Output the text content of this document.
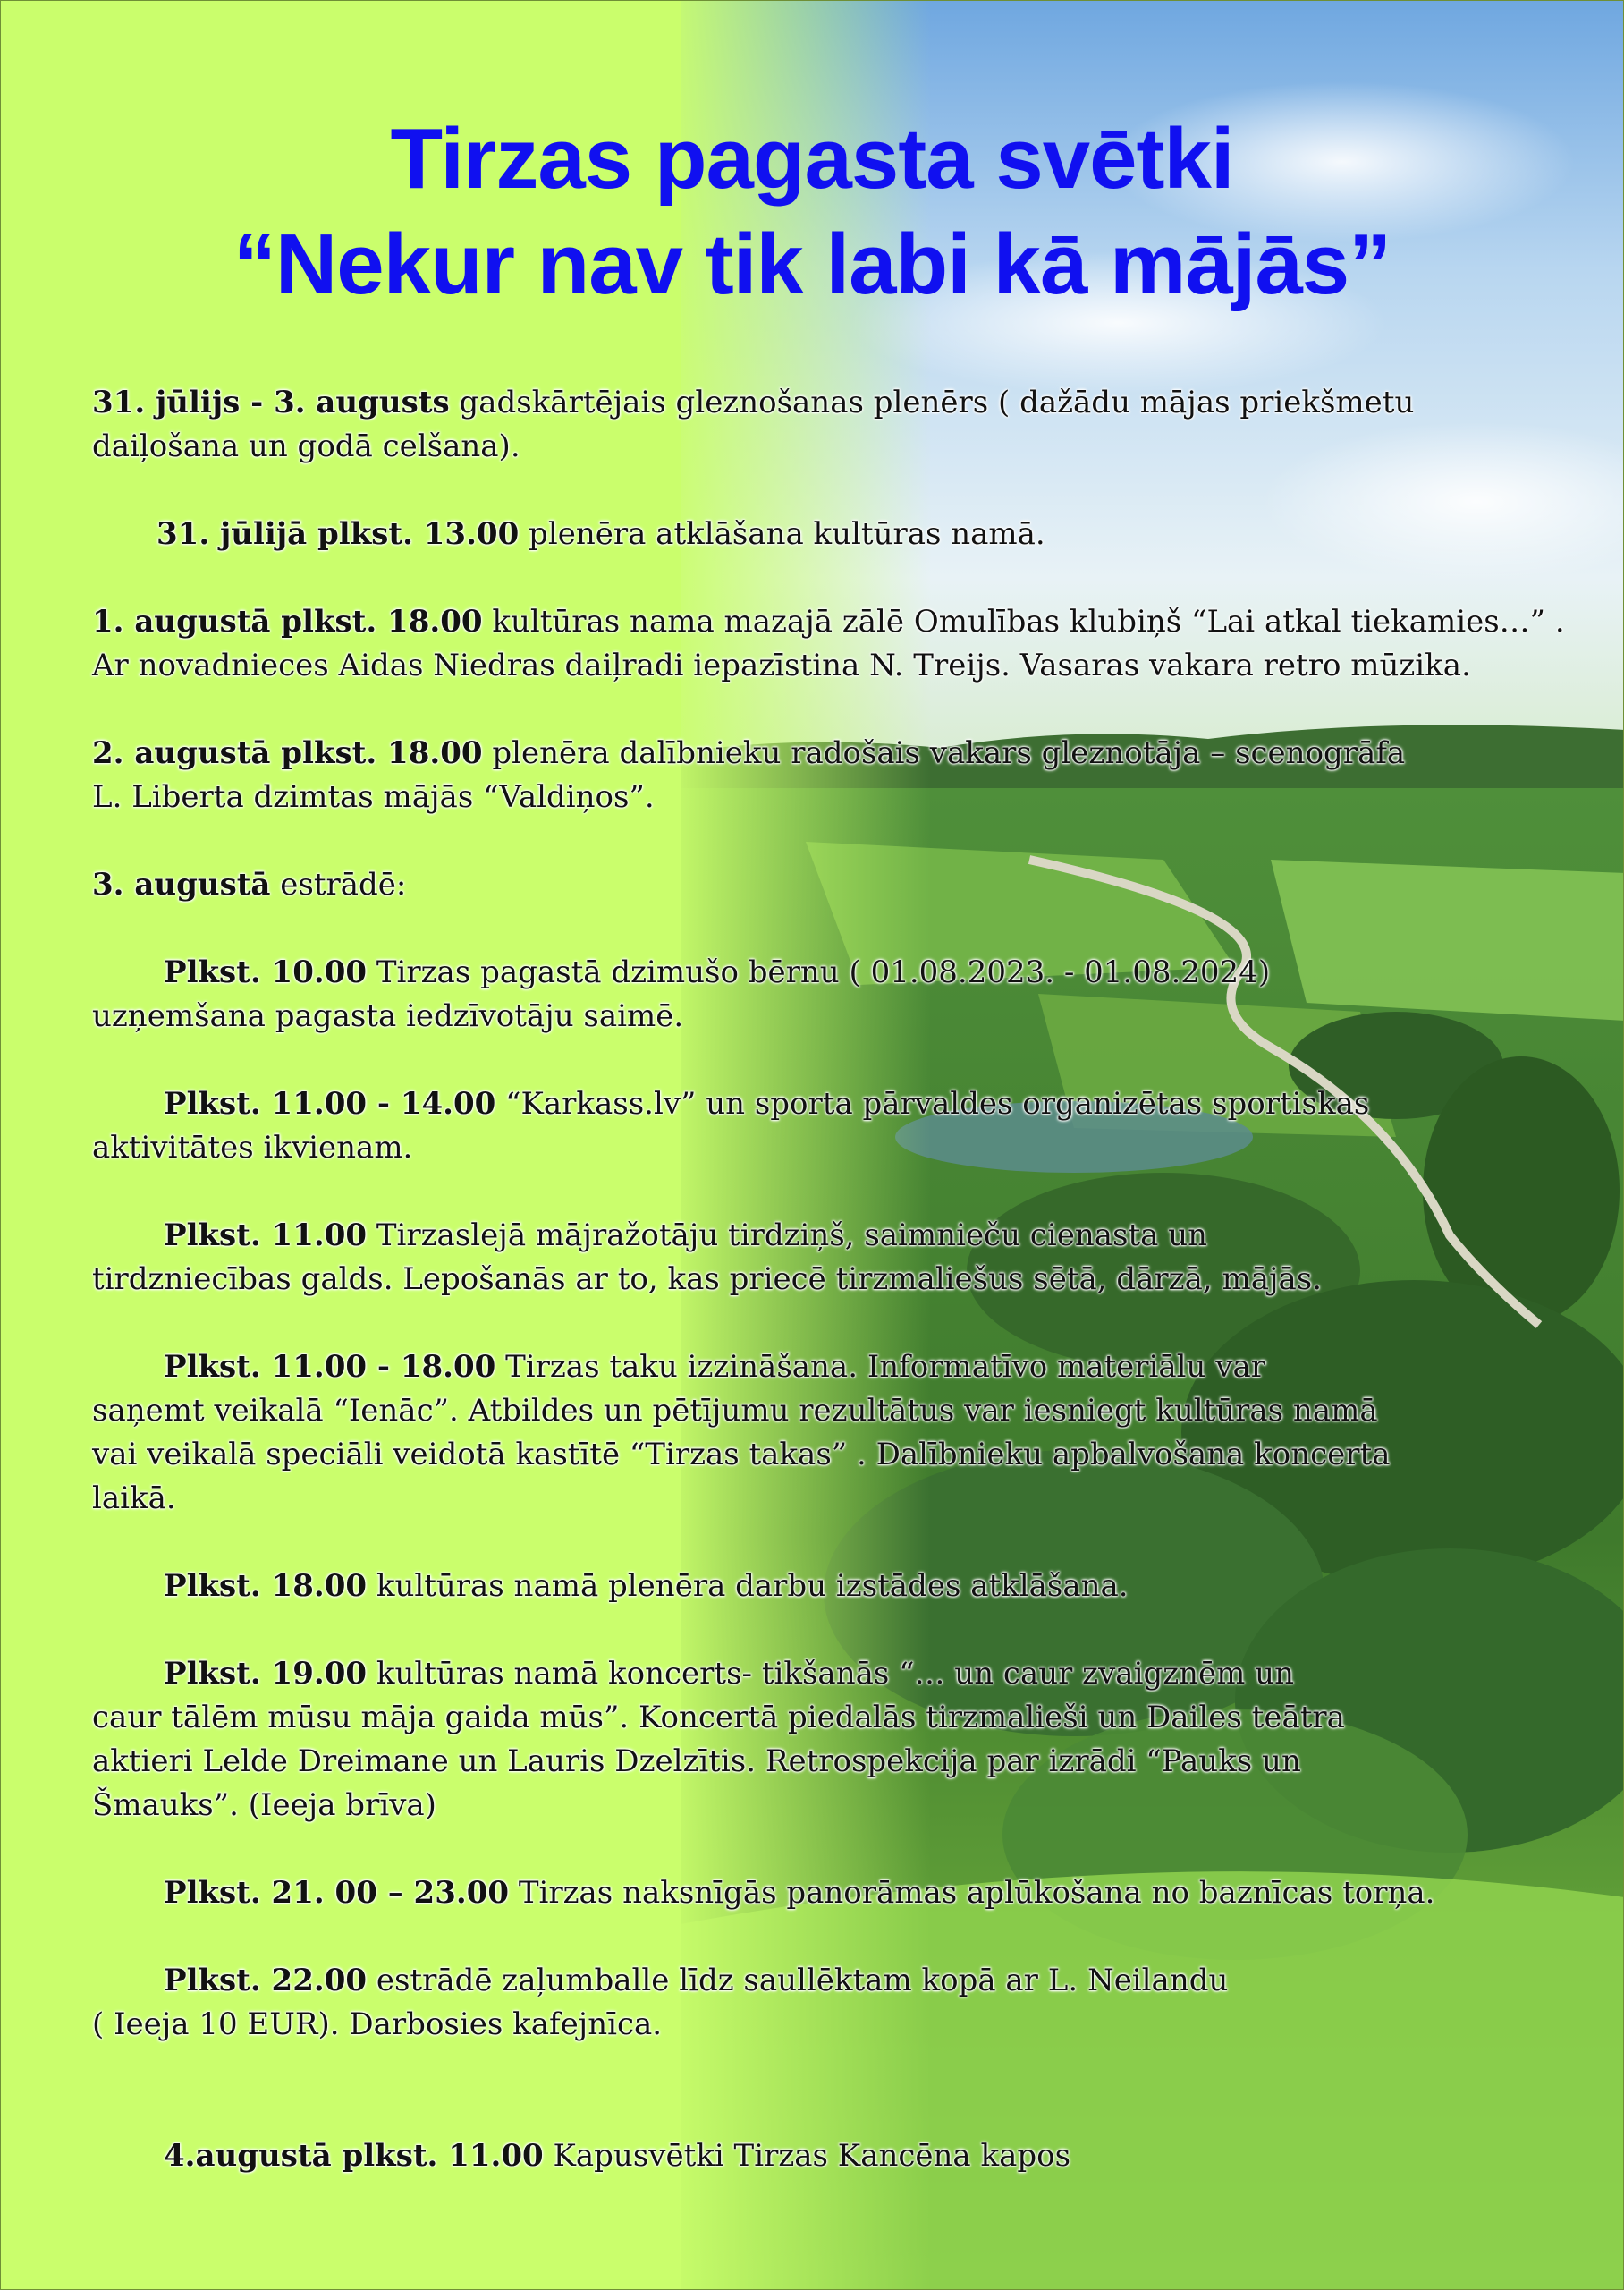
Tirzas pagasta svētki
“Nekur nav tik labi kā mājās”

31. jūlijs - 3. augusts gadskārtējais gleznošanas plenērs ( dažādu mājas priekšmetu
daiļošana un godā celšana).

31. jūlijā plkst. 13.00 plenēra atklāšana kultūras namā.

1. augustā plkst. 18.00 kultūras nama mazajā zālē Omulības klubiņš “Lai atkal tiekamies…” .
Ar novadnieces Aidas Niedras daiļradi iepazīstina N. Treijs. Vasaras vakara retro mūzika.

2. augustā plkst. 18.00 plenēra dalībnieku radošais vakars gleznotāja – scenogrāfa
L. Liberta dzimtas mājās “Valdiņos”.

3. augustā estrādē:

Plkst. 10.00 Tirzas pagastā dzimušo bērnu ( 01.08.2023. - 01.08.2024)
uzņemšana pagasta iedzīvotāju saimē.

Plkst. 11.00 - 14.00 “Karkass.lv” un sporta pārvaldes organizētas sportiskas
aktivitātes ikvienam.

Plkst. 11.00 Tirzaslejā mājražotāju tirdziņš, saimnieču cienasta un
tirdzniecības galds. Lepošanās ar to, kas priecē tirzmaliešus sētā, dārzā, mājās.

Plkst. 11.00 - 18.00 Tirzas taku izzināšana. Informatīvo materiālu var
saņemt veikalā “Ienāc”. Atbildes un pētījumu rezultātus var iesniegt kultūras namā
vai veikalā speciāli veidotā kastītē “Tirzas takas” . Dalībnieku apbalvošana koncerta
laikā.

Plkst. 18.00 kultūras namā plenēra darbu izstādes atklāšana.

Plkst. 19.00 kultūras namā koncerts- tikšanās “… un caur zvaigznēm un
caur tālēm mūsu māja gaida mūs”. Koncertā piedalās tirzmalieši un Dailes teātra
aktieri Lelde Dreimane un Lauris Dzelzītis. Retrospekcija par izrādi “Pauks un
Šmauks”. (Ieeja brīva)

Plkst. 21. 00 – 23.00 Tirzas naksnīgās panorāmas aplūkošana no baznīcas torņa.

Plkst. 22.00 estrādē zaļumballe līdz saullēktam kopā ar L. Neilandu
( Ieeja 10 EUR). Darbosies kafejnīca.

4.augustā plkst. 11.00 Kapusvētki Tirzas Kancēna kapos
